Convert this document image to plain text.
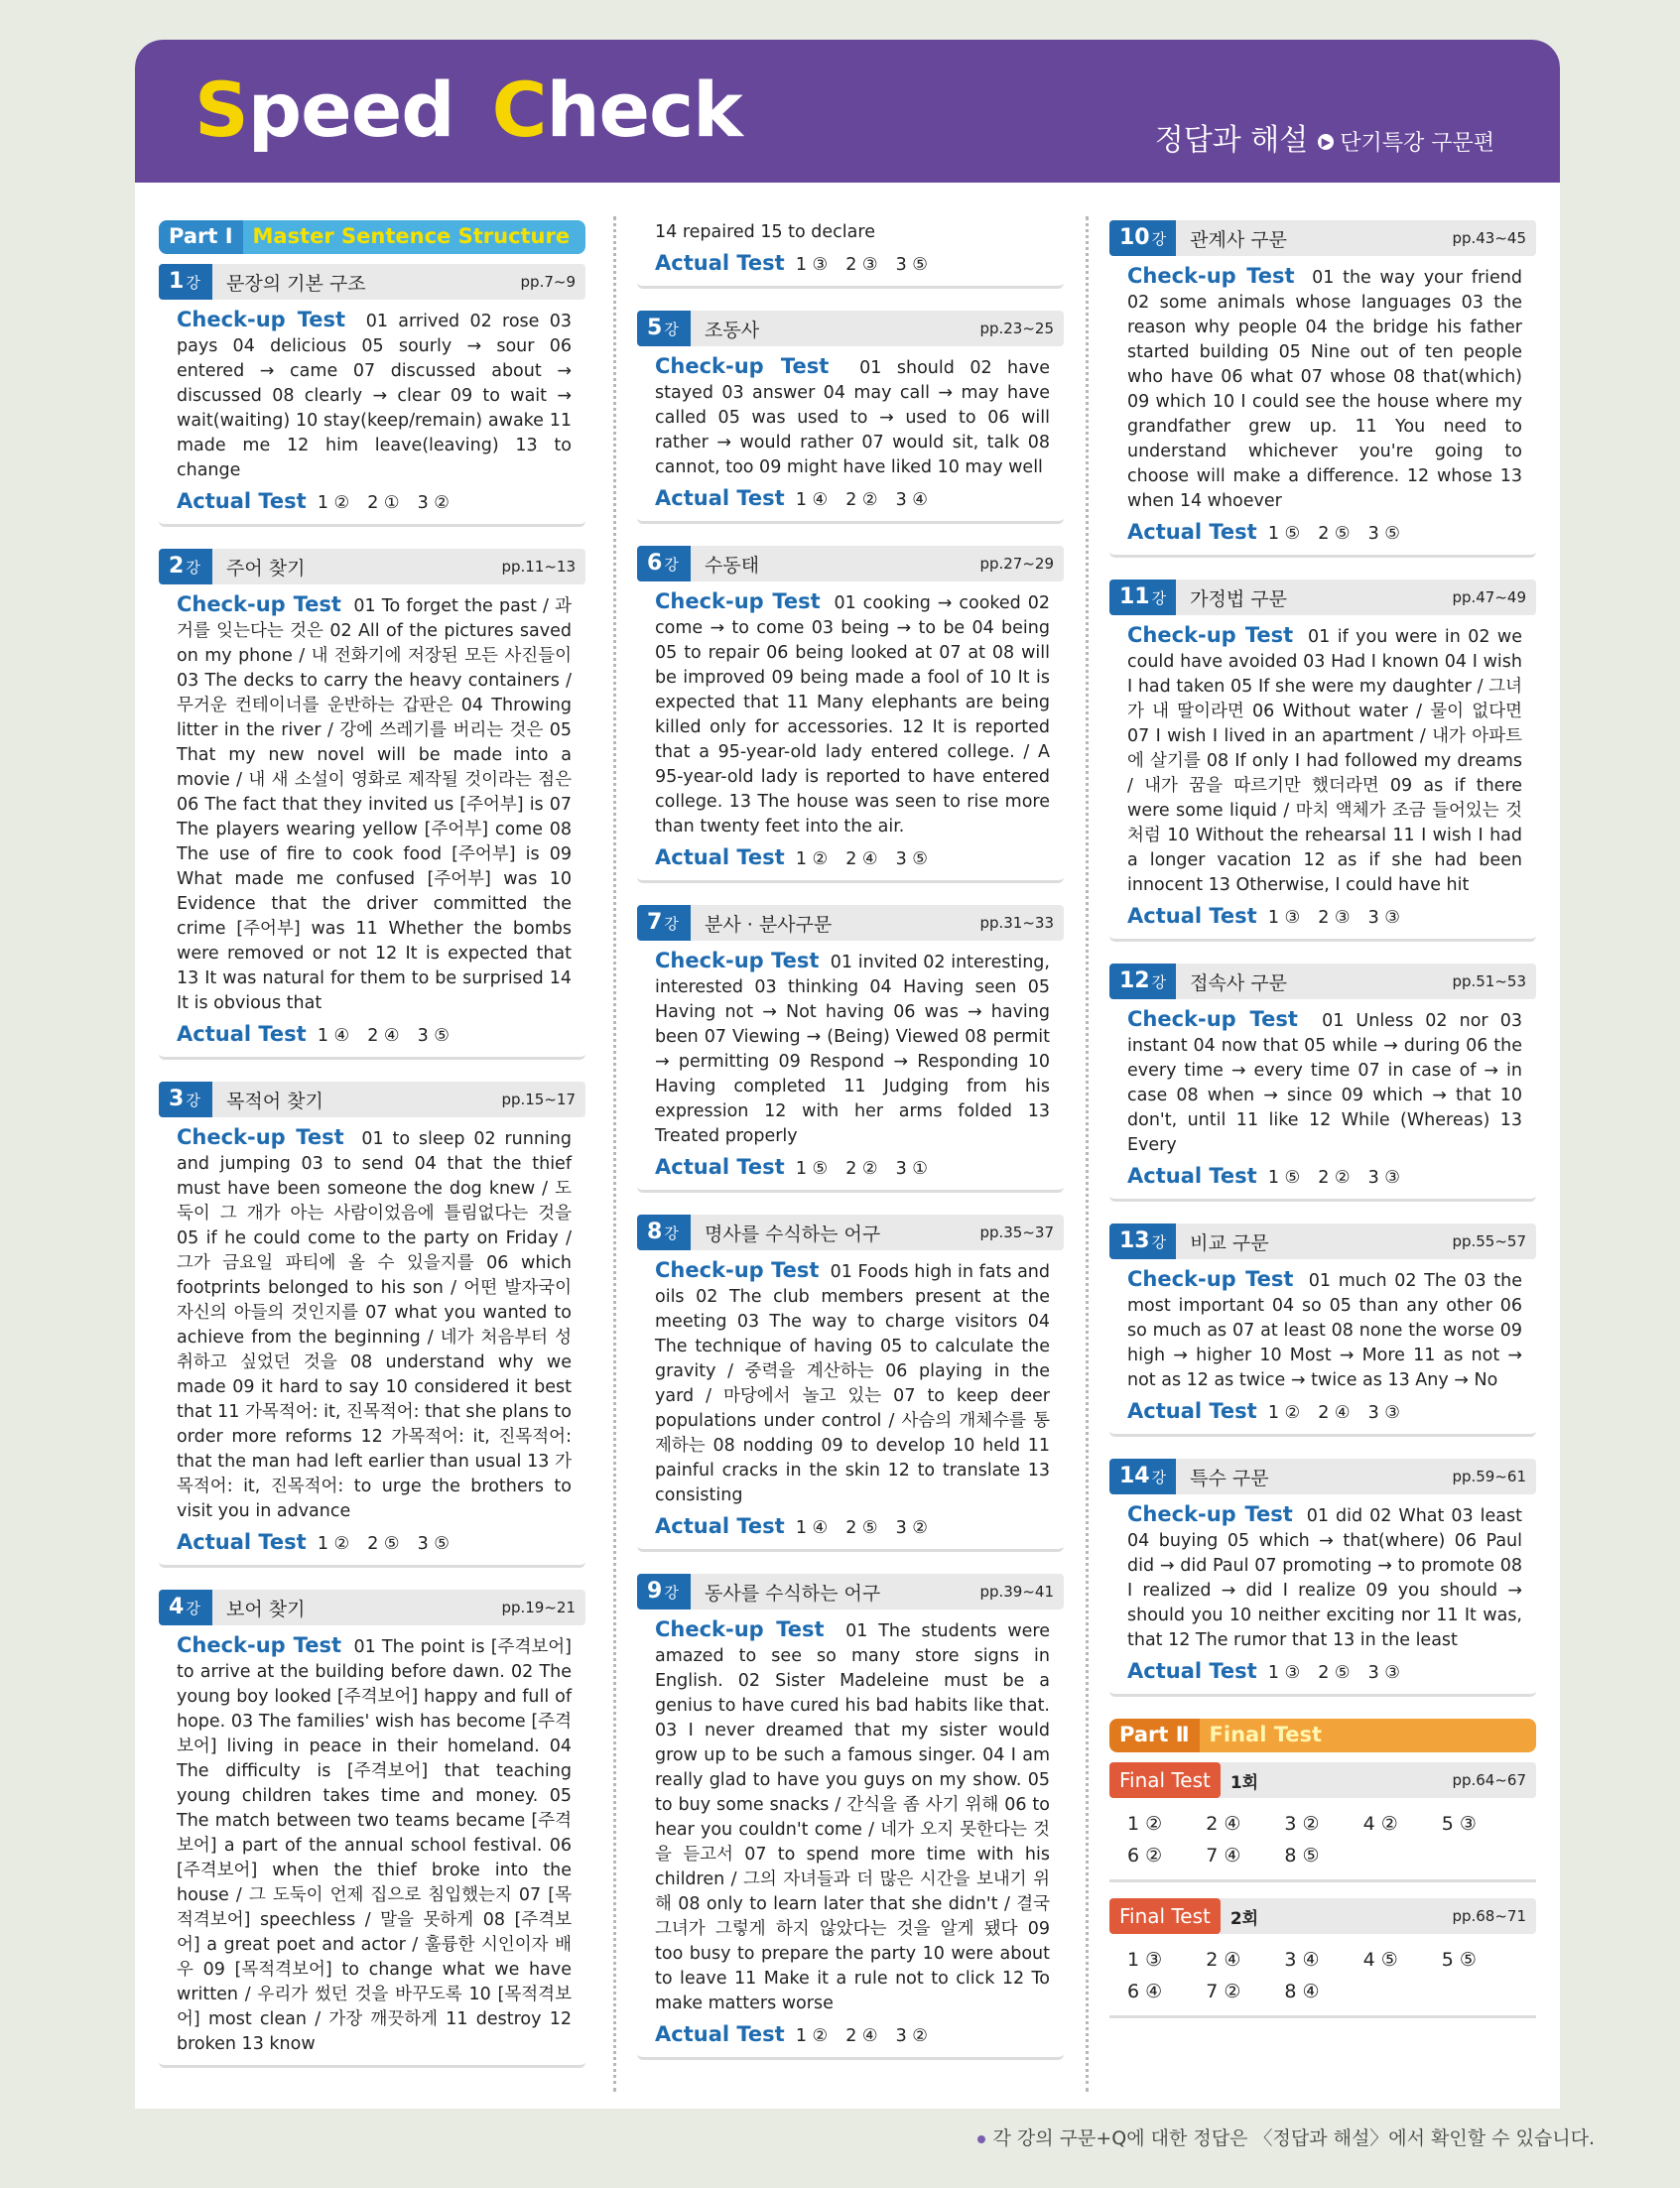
Speed Check	정답과 해설 ▶ 단기특강 구문편
Part Ⅰ Master Sentence Structure
1 강	문장의 기본 구조	pp.7~9
Check-up Test 01 arrived 02 rose 03 pays 04 delicious 05 sourly → sour 06 entered → came 07 discussed about → discussed 08 clearly → clear 09 to wait → wait(waiting) 10 stay(keep/remain) awake 11 made me 12 him leave(leaving) 13 to change
Actual Test 1 ② 2 ① 3 ②
2 강	주어 찾기	pp.11~13
Check-up Test 01 To forget the past / 과거를 잊는다는 것은 02 All of the pictures saved on my phone / 내 전화기에 저장된 모든 사진들이 03 The decks to carry the heavy containers / 무거운 컨테이너를 운반하는 갑판은 04 Throwing litter in the river / 강에 쓰레기를 버리는 것은 05 That my new novel will be made into a movie / 내 새 소설이 영화로 제작될 것이라는 점은 06 The fact that they invited us [주어부] is 07 The players wearing yellow [주어부] come 08 The use of fire to cook food [주어부] is 09 What made me confused [주어부] was 10 Evidence that the driver committed the crime [주어부] was 11 Whether the bombs were removed or not 12 It is expected that 13 It was natural for them to be surprised 14 It is obvious that
Actual Test 1 ④ 2 ④ 3 ⑤
3 강	목적어 찾기	pp.15~17
Check-up Test 01 to sleep 02 running and jumping 03 to send 04 that the thief must have been someone the dog knew / 도둑이 그 개가 아는 사람이었음에 틀림없다는 것을 05 if he could come to the party on Friday / 그가 금요일 파티에 올 수 있을지를 06 which footprints belonged to his son / 어떤 발자국이 자신의 아들의 것인지를 07 what you wanted to achieve from the beginning / 네가 처음부터 성취하고 싶었던 것을 08 understand why we made 09 it hard to say 10 considered it best that 11 가목적어: it, 진목적어: that she plans to order more reforms 12 가목적어: it, 진목적어: that the man had left earlier than usual 13 가목적어: it, 진목적어: to urge the brothers to visit you in advance
Actual Test 1 ② 2 ⑤ 3 ⑤
4 강	보어 찾기	pp.19~21
Check-up Test 01 The point is [주격보어] to arrive at the building before dawn. 02 The young boy looked [주격보어] happy and full of hope. 03 The families' wish has become [주격보어] living in peace in their homeland. 04 The difficulty is [주격보어] that teaching young children takes time and money. 05 The match between two teams became [주격보어] a part of the annual school festival. 06 [주격보어] when the thief broke into the house / 그 도둑이 언제 집으로 침입했는지 07 [목적격보어] speechless / 말을 못하게 08 [주격보어] a great poet and actor / 훌륭한 시인이자 배우 09 [목적격보어] to change what we have written / 우리가 썼던 것을 바꾸도록 10 [목적격보어] most clean / 가장 깨끗하게 11 destroy 12 broken 13 know
14 repaired 15 to declare
Actual Test 1 ③ 2 ③ 3 ⑤
5 강	조동사	pp.23~25
Check-up Test 01 should 02 have stayed 03 answer 04 may call → may have called 05 was used to → used to 06 will rather → would rather 07 would sit, talk 08 cannot, too 09 might have liked 10 may well
Actual Test 1 ④ 2 ② 3 ④
6 강	수동태	pp.27~29
Check-up Test 01 cooking → cooked 02 come → to come 03 being → to be 04 being 05 to repair 06 being looked at 07 at 08 will be improved 09 being made a fool of 10 It is expected that 11 Many elephants are being killed only for accessories. 12 It is reported that a 95-year-old lady entered college. / A 95-year-old lady is reported to have entered college. 13 The house was seen to rise more than twenty feet into the air.
Actual Test 1 ② 2 ④ 3 ⑤
7 강	분사 · 분사구문	pp.31~33
Check-up Test 01 invited 02 interesting, interested 03 thinking 04 Having seen 05 Having not → Not having 06 was → having been 07 Viewing → (Being) Viewed 08 permit → permitting 09 Respond → Responding 10 Having completed 11 Judging from his expression 12 with her arms folded 13 Treated properly
Actual Test 1 ⑤ 2 ② 3 ①
8 강	명사를 수식하는 어구	pp.35~37
Check-up Test 01 Foods high in fats and oils 02 The club members present at the meeting 03 The way to charge visitors 04 The technique of having 05 to calculate the gravity / 중력을 계산하는 06 playing in the yard / 마당에서 놀고 있는 07 to keep deer populations under control / 사슴의 개체수를 통제하는 08 nodding 09 to develop 10 held 11 painful cracks in the skin 12 to translate 13 consisting
Actual Test 1 ④ 2 ⑤ 3 ②
9 강	동사를 수식하는 어구	pp.39~41
Check-up Test 01 The students were amazed to see so many store signs in English. 02 Sister Madeleine must be a genius to have cured his bad habits like that. 03 I never dreamed that my sister would grow up to be such a famous singer. 04 I am really glad to have you guys on my show. 05 to buy some snacks / 간식을 좀 사기 위해 06 to hear you couldn't come / 네가 오지 못한다는 것을 듣고서 07 to spend more time with his children / 그의 자녀들과 더 많은 시간을 보내기 위해 08 only to learn later that she didn't / 결국 그녀가 그렇게 하지 않았다는 것을 알게 됐다 09 too busy to prepare the party 10 were about to leave 11 Make it a rule not to click 12 To make matters worse
Actual Test 1 ② 2 ④ 3 ②
10 강	관계사 구문	pp.43~45
Check-up Test 01 the way your friend 02 some animals whose languages 03 the reason why people 04 the bridge his father started building 05 Nine out of ten people who have 06 what 07 whose 08 that(which) 09 which 10 I could see the house where my grandfather grew up. 11 You need to understand whichever you're going to choose will make a difference. 12 whose 13 when 14 whoever
Actual Test 1 ⑤ 2 ⑤ 3 ⑤
11 강	가정법 구문	pp.47~49
Check-up Test 01 if you were in 02 we could have avoided 03 Had I known 04 I wish I had taken 05 If she were my daughter / 그녀가 내 딸이라면 06 Without water / 물이 없다면 07 I wish I lived in an apartment / 내가 아파트에 살기를 08 If only I had followed my dreams / 내가 꿈을 따르기만 했더라면 09 as if there were some liquid / 마치 액체가 조금 들어있는 것처럼 10 Without the rehearsal 11 I wish I had a longer vacation 12 as if she had been innocent 13 Otherwise, I could have hit
Actual Test 1 ③ 2 ③ 3 ③
12 강	접속사 구문	pp.51~53
Check-up Test 01 Unless 02 nor 03 instant 04 now that 05 while → during 06 the every time → every time 07 in case of → in case 08 when → since 09 which → that 10 don't, until 11 like 12 While (Whereas) 13 Every
Actual Test 1 ⑤ 2 ② 3 ③
13 강	비교 구문	pp.55~57
Check-up Test 01 much 02 The 03 the most important 04 so 05 than any other 06 so much as 07 at least 08 none the worse 09 high → higher 10 Most → More 11 as not → not as 12 as twice → twice as 13 Any → No
Actual Test 1 ② 2 ④ 3 ③
14 강	특수 구문	pp.59~61
Check-up Test 01 did 02 What 03 least 04 buying 05 which → that(where) 06 Paul did → did Paul 07 promoting → to promote 08 I realized → did I realize 09 you should → should you 10 neither exciting nor 11 It was, that 12 The rumor that 13 in the least
Actual Test 1 ③ 2 ⑤ 3 ③
Part Ⅱ Final Test
Final Test	1회	pp.64~67
1 ②	2 ④	3 ②	4 ②	5 ③
6 ②	7 ④	8 ⑤
Final Test	2회	pp.68~71
1 ③	2 ④	3 ④	4 ⑤	5 ⑤
6 ④	7 ②	8 ④
각 강의 구문+Q에 대한 정답은 〈정답과 해설〉에서 확인할 수 있습니다.
